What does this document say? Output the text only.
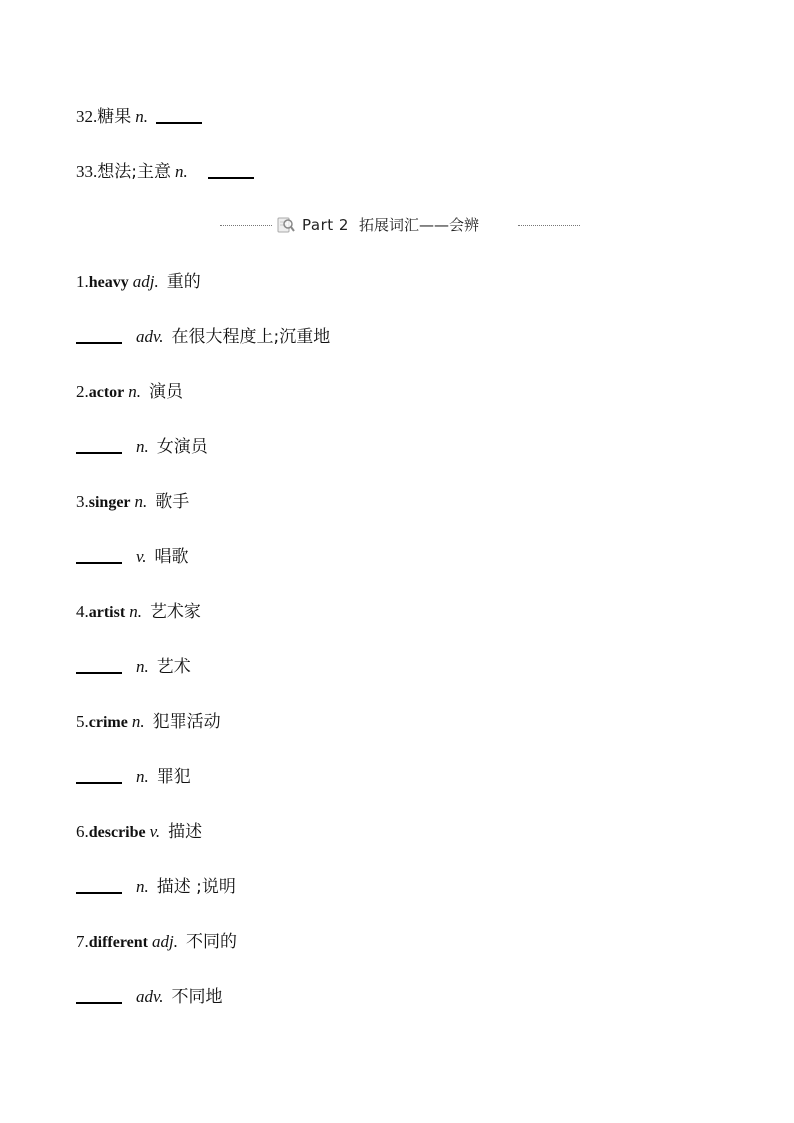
32.糖果 n.
33.想法;主意 n.
Part 2 拓展词汇——会辨
1.heavy adj. 重的
adv. 在很大程度上;沉重地
2.actor n. 演员
n. 女演员
3.singer n. 歌手
v. 唱歌
4.artist n. 艺术家
n. 艺术
5.crime n. 犯罪活动
n. 罪犯
6.describe v. 描述
n. 描述 ;说明
7.different adj. 不同的
adv. 不同地
